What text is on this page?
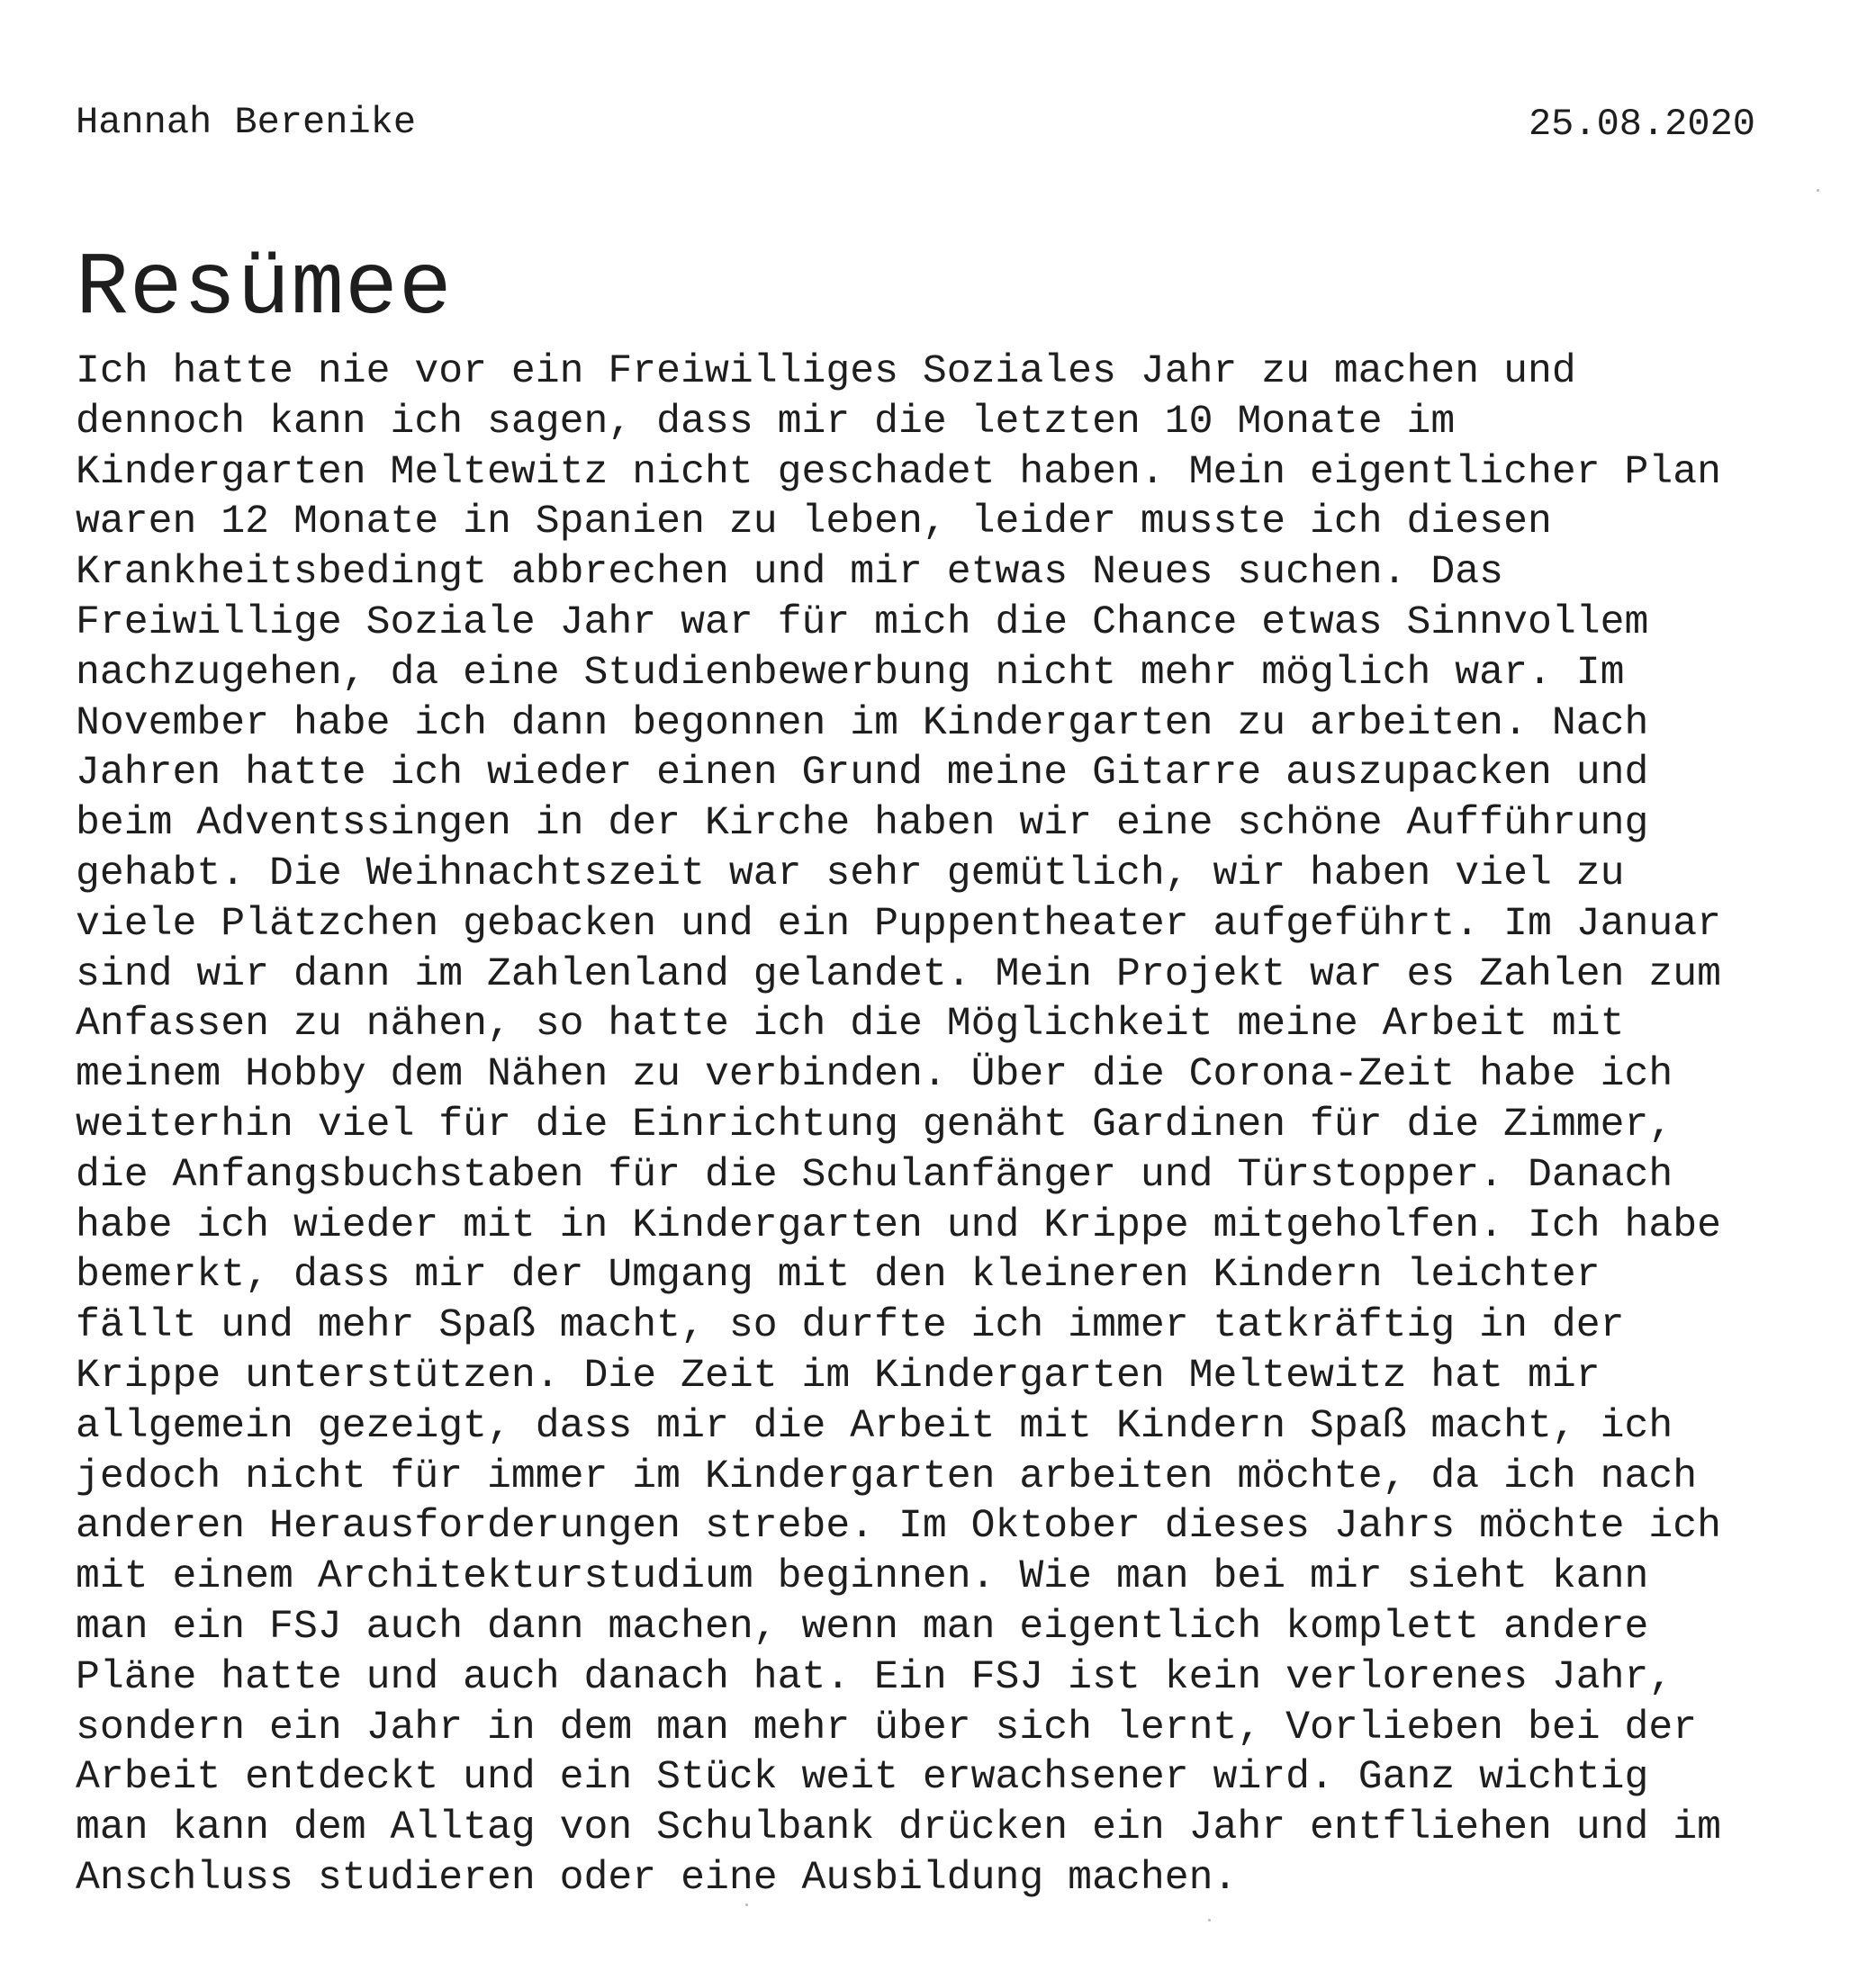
Hannah Berenike	25.08.2020
Resümee
Ich hatte nie vor ein Freiwilliges Soziales Jahr zu machen und
dennoch kann ich sagen, dass mir die letzten 10 Monate im
Kindergarten Meltewitz nicht geschadet haben. Mein eigentlicher Plan
waren 12 Monate in Spanien zu leben, leider musste ich diesen
Krankheitsbedingt abbrechen und mir etwas Neues suchen. Das
Freiwillige Soziale Jahr war für mich die Chance etwas Sinnvollem
nachzugehen, da eine Studienbewerbung nicht mehr möglich war. Im
November habe ich dann begonnen im Kindergarten zu arbeiten. Nach
Jahren hatte ich wieder einen Grund meine Gitarre auszupacken und
beim Adventssingen in der Kirche haben wir eine schöne Aufführung
gehabt. Die Weihnachtszeit war sehr gemütlich, wir haben viel zu
viele Plätzchen gebacken und ein Puppentheater aufgeführt. Im Januar
sind wir dann im Zahlenland gelandet. Mein Projekt war es Zahlen zum
Anfassen zu nähen, so hatte ich die Möglichkeit meine Arbeit mit
meinem Hobby dem Nähen zu verbinden. Über die Corona-Zeit habe ich
weiterhin viel für die Einrichtung genäht Gardinen für die Zimmer,
die Anfangsbuchstaben für die Schulanfänger und Türstopper. Danach
habe ich wieder mit in Kindergarten und Krippe mitgeholfen. Ich habe
bemerkt, dass mir der Umgang mit den kleineren Kindern leichter
fällt und mehr Spaß macht, so durfte ich immer tatkräftig in der
Krippe unterstützen. Die Zeit im Kindergarten Meltewitz hat mir
allgemein gezeigt, dass mir die Arbeit mit Kindern Spaß macht, ich
jedoch nicht für immer im Kindergarten arbeiten möchte, da ich nach
anderen Herausforderungen strebe. Im Oktober dieses Jahrs möchte ich
mit einem Architekturstudium beginnen. Wie man bei mir sieht kann
man ein FSJ auch dann machen, wenn man eigentlich komplett andere
Pläne hatte und auch danach hat. Ein FSJ ist kein verlorenes Jahr,
sondern ein Jahr in dem man mehr über sich lernt, Vorlieben bei der
Arbeit entdeckt und ein Stück weit erwachsener wird. Ganz wichtig
man kann dem Alltag von Schulbank drücken ein Jahr entfliehen und im
Anschluss studieren oder eine Ausbildung machen.
